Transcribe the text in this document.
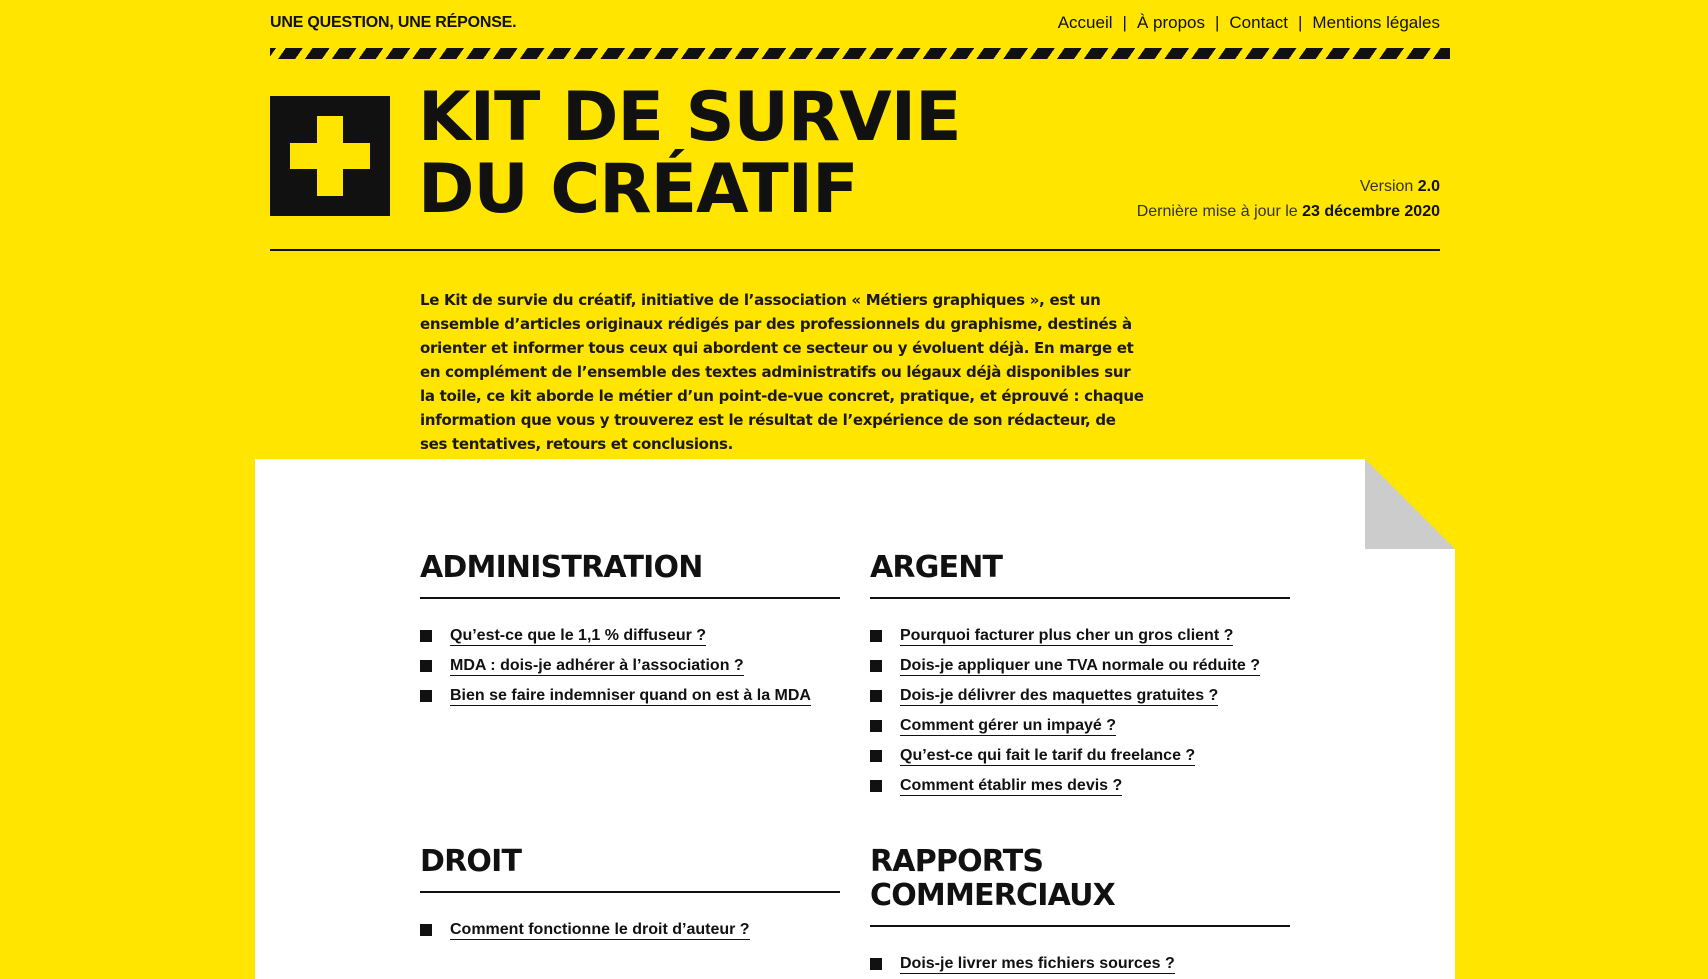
UNE QUESTION, UNE RÉPONSE.	Accueil | À propos | Contact | Mentions légales
KIT DE SURVIE
DU CRÉATIF	Version 2.0
Dernière mise à jour le 23 décembre 2020

Le Kit de survie du créatif, initiative de l’association « Métiers graphiques », est un ensemble d’articles originaux rédigés par des professionnels du graphisme, destinés à orienter et informer tous ceux qui abordent ce secteur ou y évoluent déjà. En marge et en complément de l’ensemble des textes administratifs ou légaux déjà disponibles sur la toile, ce kit aborde le métier d’un point-de-vue concret, pratique, et éprouvé : chaque information que vous y trouverez est le résultat de l’expérience de son rédacteur, de ses tentatives, retours et conclusions.

ADMINISTRATION
Qu’est-ce que le 1,1 % diffuseur ?
MDA : dois-je adhérer à l’association ?
Bien se faire indemniser quand on est à la MDA
ARGENT
Pourquoi facturer plus cher un gros client ?
Dois-je appliquer une TVA normale ou réduite ?
Dois-je délivrer des maquettes gratuites ?
Comment gérer un impayé ?
Qu’est-ce qui fait le tarif du freelance ?
Comment établir mes devis ?
DROIT
Comment fonctionne le droit d’auteur ?
RAPPORTS COMMERCIAUX
Dois-je livrer mes fichiers sources ?
